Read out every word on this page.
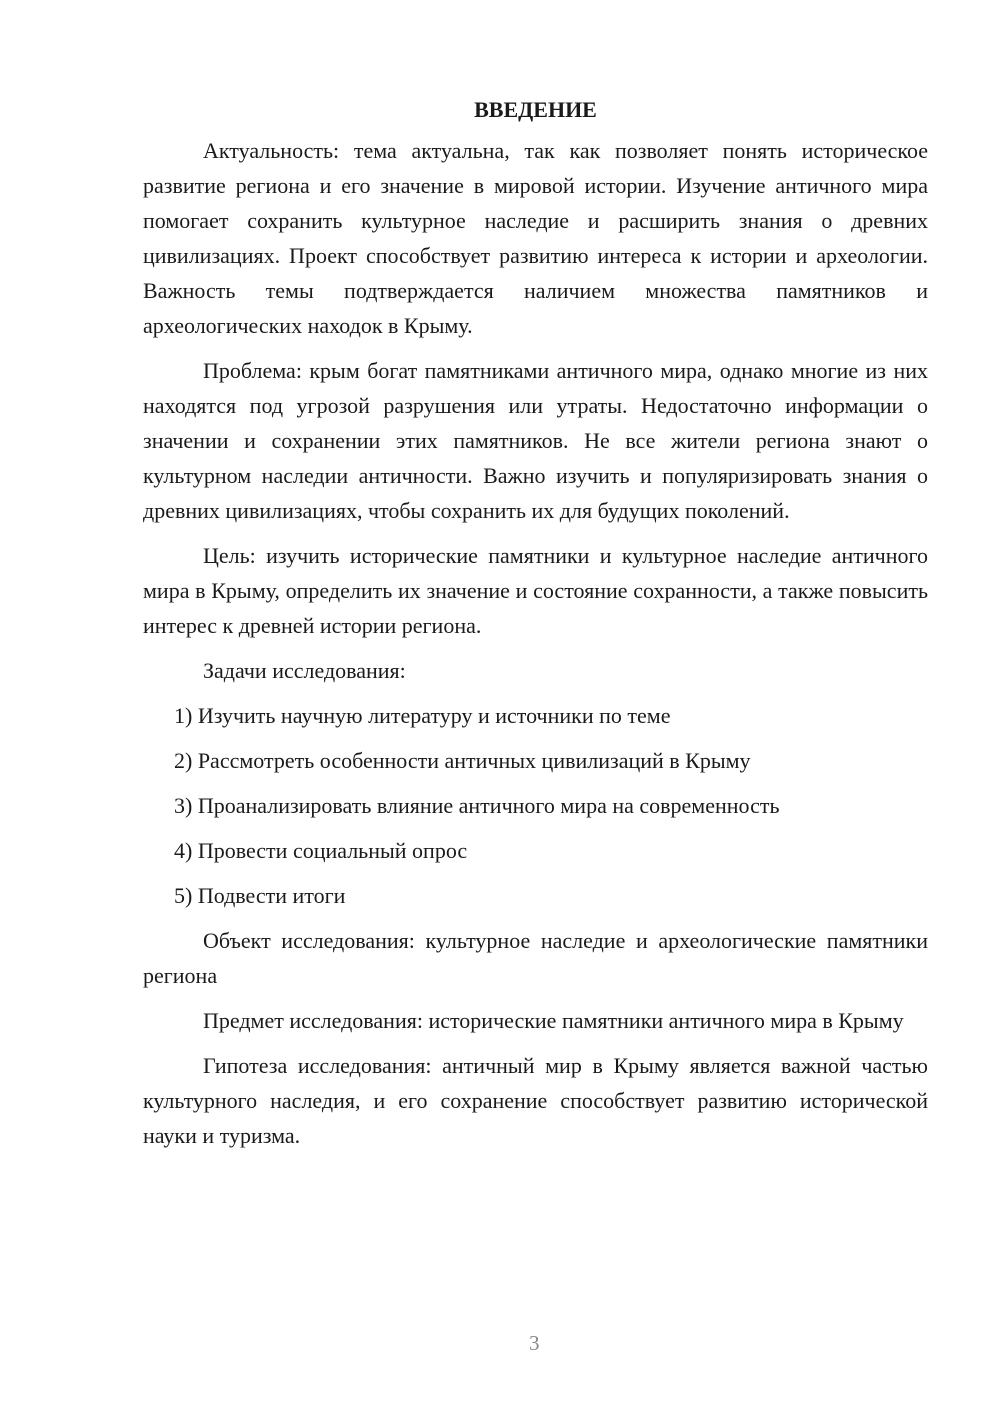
ВВЕДЕНИЕ

Актуальность: тема актуальна, так как позволяет понять историческое развитие региона и его значение в мировой истории. Изучение античного мира помогает сохранить культурное наследие и расширить знания о древних цивилизациях. Проект способствует развитию интереса к истории и археологии. Важность темы подтверждается наличием множества памятников и археологических находок в Крыму.

Проблема: крым богат памятниками античного мира, однако многие из них находятся под угрозой разрушения или утраты. Недостаточно информации о значении и сохранении этих памятников. Не все жители региона знают о культурном наследии античности. Важно изучить и популяризировать знания о древних цивилизациях, чтобы сохранить их для будущих поколений.

Цель: изучить исторические памятники и культурное наследие античного мира в Крыму, определить их значение и состояние сохранности, а также повысить интерес к древней истории региона.

Задачи исследования:

1) Изучить научную литературу и источники по теме

2) Рассмотреть особенности античных цивилизаций в Крыму

3) Проанализировать влияние античного мира на современность

4) Провести социальный опрос

5) Подвести итоги

Объект исследования: культурное наследие и археологические памятники региона

Предмет исследования: исторические памятники античного мира в Крыму

Гипотеза исследования: античный мир в Крыму является важной частью культурного наследия, и его сохранение способствует развитию исторической науки и туризма.

3
